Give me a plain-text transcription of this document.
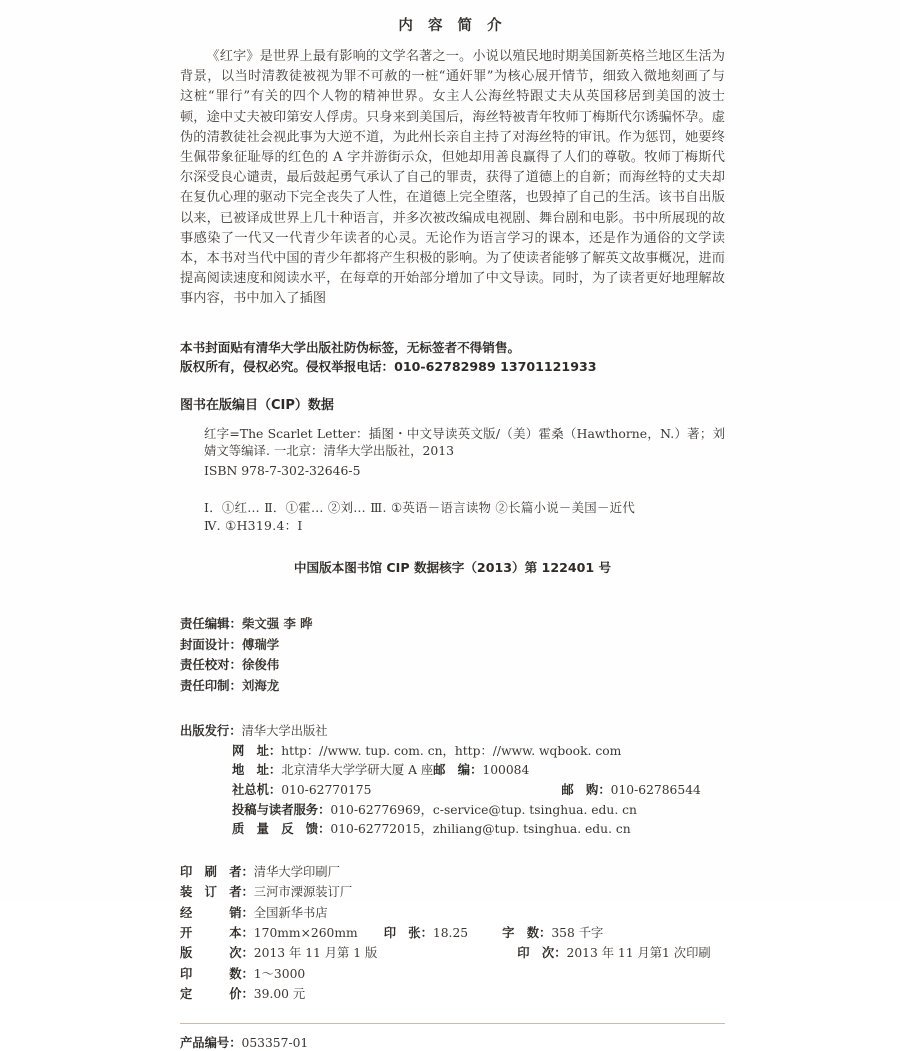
内 容 简 介

《红字》是世界上最有影响的文学名著之一。小说以殖民地时期美国新英格兰地区生活为背景，以当时清教徒被视为罪不可赦的一桩“通奸罪”为核心展开情节，细致入微地刻画了与这桩“罪行”有关的四个人物的精神世界。女主人公海丝特跟丈夫从英国移居到美国的波士顿，途中丈夫被印第安人俘虏。只身来到美国后，海丝特被青年牧师丁梅斯代尔诱骗怀孕。虚伪的清教徒社会视此事为大逆不道，为此州长亲自主持了对海丝特的审讯。作为惩罚，她要终生佩带象征耻辱的红色的 A 字并游街示众，但她却用善良赢得了人们的尊敬。牧师丁梅斯代尔深受良心谴责，最后鼓起勇气承认了自己的罪责，获得了道德上的自新；而海丝特的丈夫却在复仇心理的驱动下完全丧失了人性，在道德上完全堕落，也毁掉了自己的生活。该书自出版以来，已被译成世界上几十种语言，并多次被改编成电视剧、舞台剧和电影。书中所展现的故事感染了一代又一代青少年读者的心灵。无论作为语言学习的课本，还是作为通俗的文学读本，本书对当代中国的青少年都将产生积极的影响。为了使读者能够了解英文故事概况，进而提高阅读速度和阅读水平，在每章的开始部分增加了中文导读。同时，为了读者更好地理解故事内容，书中加入了插图

本书封面贴有清华大学出版社防伪标签，无标签者不得销售。
版权所有，侵权必究。侵权举报电话：010-62782989 13701121933
图书在版编目（CIP）数据
红字=The Scarlet Letter：插图・中文导读英文版/（美）霍桑（Hawthorne，N.）著；刘婧文等编译. 一北京：清华大学出版社，2013
ISBN 978-7-302-32646-5
Ⅰ．①红… Ⅱ．①霍… ②刘… Ⅲ. ①英语－语言读物 ②长篇小说－美国－近代
Ⅳ. ①H319.4：Ⅰ
中国版本图书馆 CIP 数据核字（2013）第 122401 号
责任编辑：柴文强 李 晔
封面设计：傅瑞学
责任校对：徐俊伟
责任印制：刘海龙
出版发行：清华大学出版社
网　址：http：//www. tup. com. cn，http：//www. wqbook. com
地　址：北京清华大学学研大厦 A 座邮　编：100084
社总机：010-62770175	邮　购：010-62786544
投稿与读者服务：010-62776969，c-service@tup. tsinghua. edu. cn
质　量　反　馈：010-62772015，zhiliang@tup. tsinghua. edu. cn
印　刷　者：清华大学印刷厂
装　订　者：三河市溧源装订厂
经　　　销：全国新华书店
开　　　本：170mm×260mm 印　张：18.25	字　数：358 千字
版　　　次：2013 年 11 月第 1 版	印　次：2013 年 11 月第1 次印刷
印　　　数：1～3000
定　　　价：39.00 元
产品编号：053357-01
